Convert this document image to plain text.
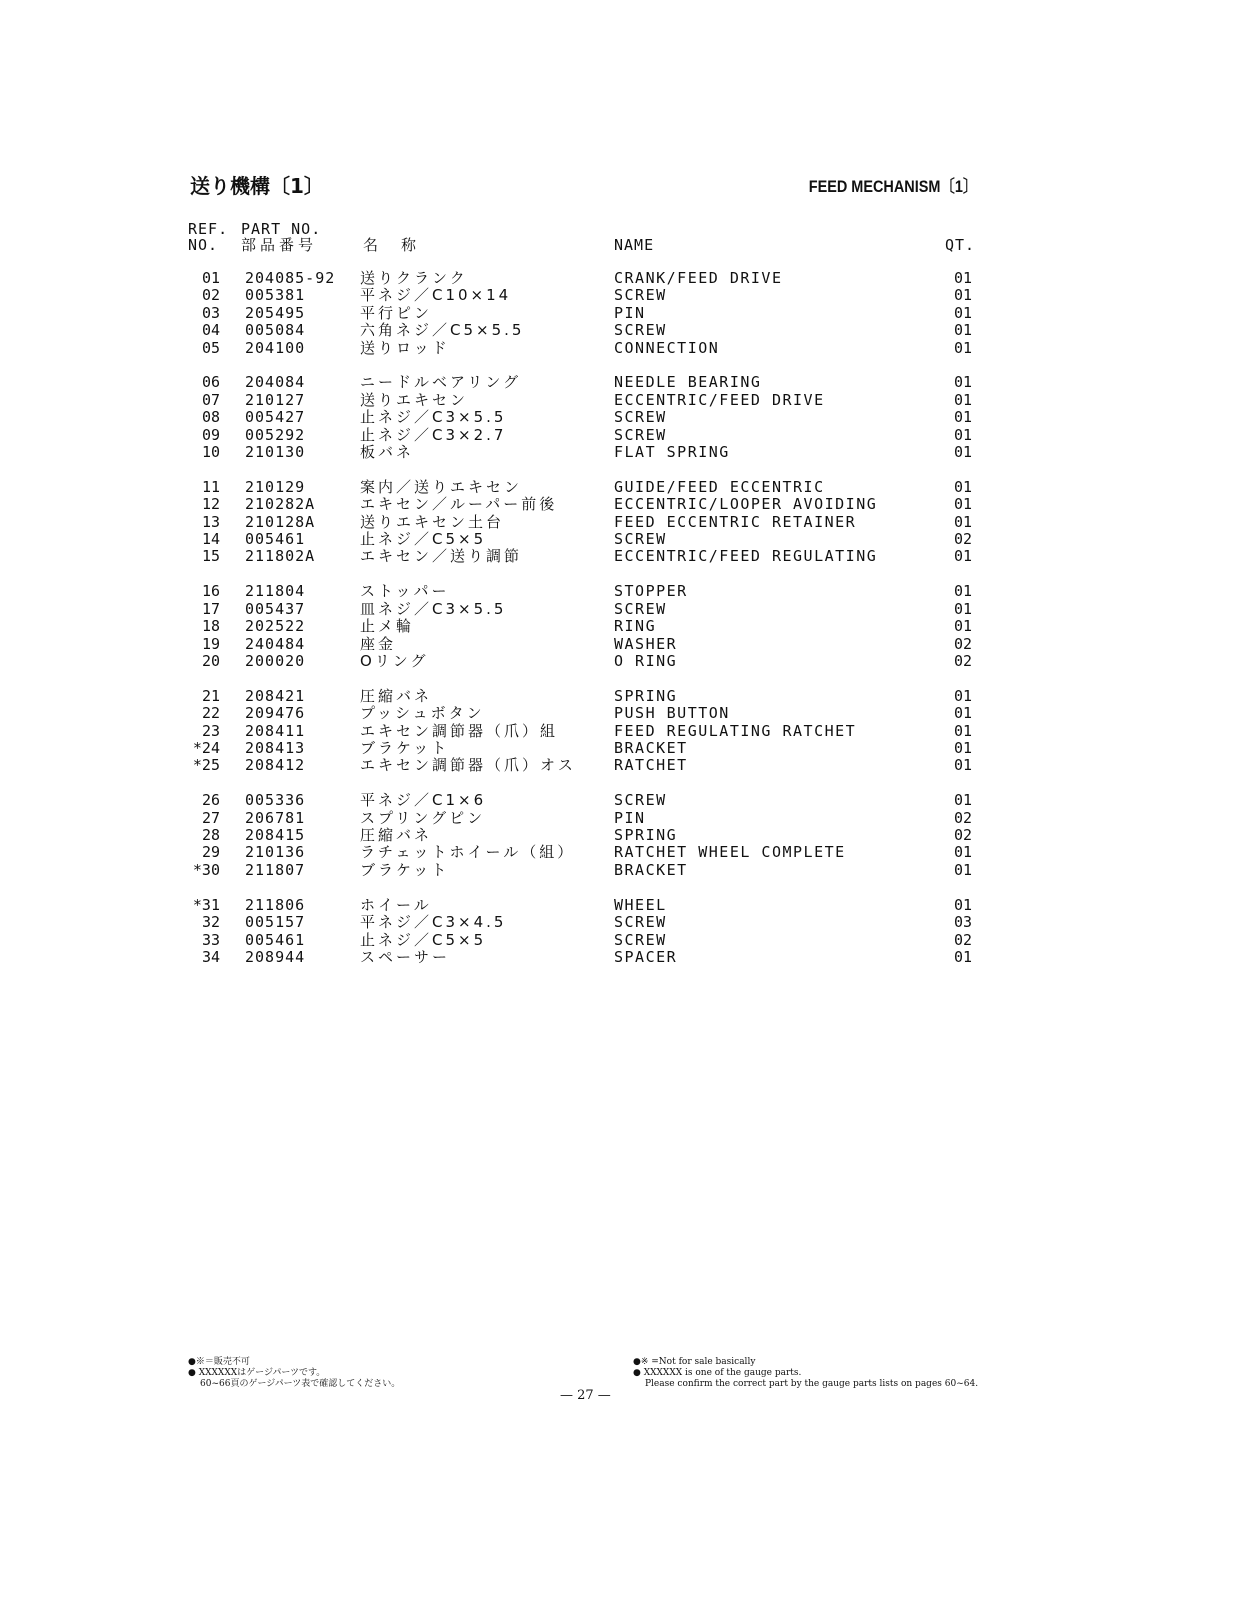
送り機構〔1〕	FEED MECHANISM〔1〕
REF.
NO.
PART NO.
部品番号	名　称	NAME	QT.
01 204085-92 送りクランク	CRANK/FEED DRIVE	01
02 005381	平ネジ／C10×14	SCREW	01
03 205495	平行ピン	PIN	01
04 005084	六角ネジ／C5×5.5	SCREW	01
05 204100	送りロッド	CONNECTION	01
06 204084	ニードルベアリング	NEEDLE BEARING	01
07 210127	送りエキセン	ECCENTRIC/FEED DRIVE	01
08 005427	止ネジ／C3×5.5	SCREW	01
09 005292	止ネジ／C3×2.7	SCREW	01
10 210130	板バネ	FLAT SPRING	01
11 210129	案内／送りエキセン	GUIDE/FEED ECCENTRIC	01
12 210282A	エキセン／ルーパー前後	ECCENTRIC/LOOPER AVOIDING	01
13 210128A	送りエキセン土台	FEED ECCENTRIC RETAINER	01
14 005461	止ネジ／C5×5	SCREW	02
15 211802A	エキセン／送り調節	ECCENTRIC/FEED REGULATING	01
16 211804	ストッパー	STOPPER	01
17 005437	皿ネジ／C3×5.5	SCREW	01
18 202522	止メ輪	RING	01
19 240484	座金	WASHER	02
20 200020	Oリング	O RING	02
21 208421	圧縮バネ	SPRING	01
22 209476	プッシュボタン	PUSH BUTTON	01
23 208411	エキセン調節器（爪）組	FEED REGULATING RATCHET	01
*24 208413	ブラケット	BRACKET	01
*25 208412	エキセン調節器（爪）オス	RATCHET	01
26 005336	平ネジ／C1×6	SCREW	01
27 206781	スプリングピン	PIN	02
28 208415	圧縮バネ	SPRING	02
29 210136	ラチェットホイール（組）	RATCHET WHEEL COMPLETE	01
*30 211807	ブラケット	BRACKET	01
*31 211806	ホイール	WHEEL	01
32 005157	平ネジ／C3×4.5	SCREW	03
33 005461	止ネジ／C5×5	SCREW	02
34 208944	スペーサー	SPACER	01
●※＝販売不可
● XXXXXXはゲージパーツです。
60~66頁のゲージパーツ表で確認してください。
●※ =Not for sale basically
● XXXXXX is one of the gauge parts.
Please confirm the correct part by the gauge parts lists on pages 60~64.
— 27 —
